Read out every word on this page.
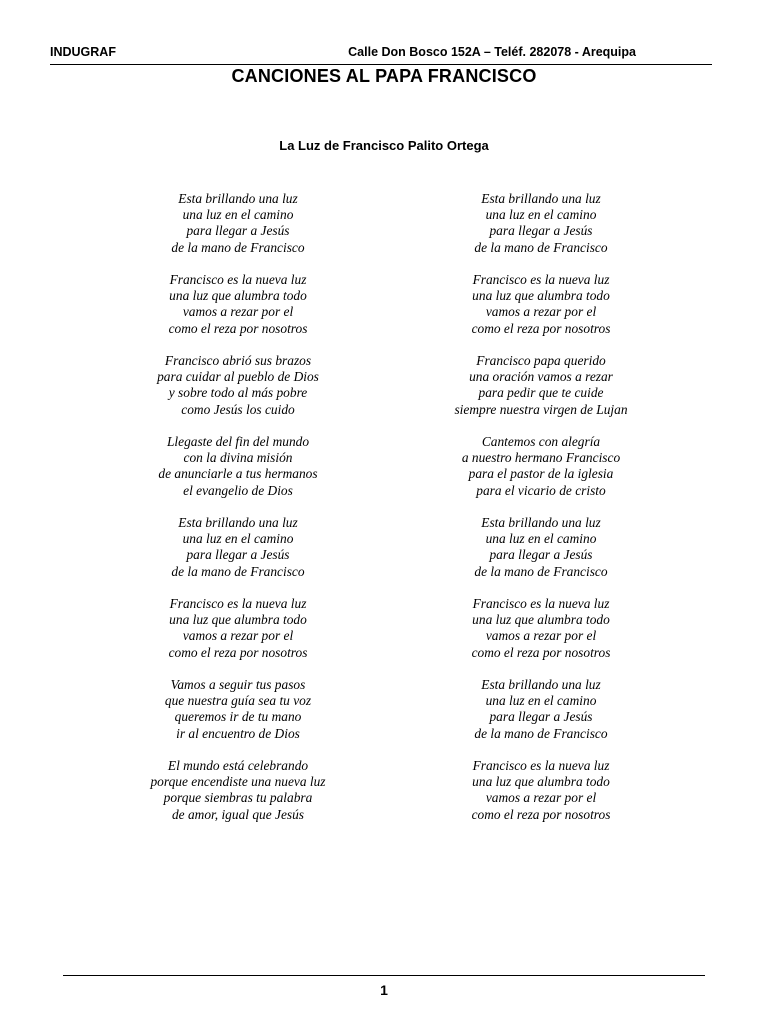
INDUGRAF	Calle Don Bosco 152A – Teléf. 282078 - Arequipa
CANCIONES AL PAPA FRANCISCO
La Luz de Francisco Palito Ortega
Esta brillando una luz
una luz en el camino
para llegar a Jesús
de la mano de Francisco
Francisco es la nueva luz
una luz que alumbra todo
vamos a rezar por el
como el reza por nosotros
Francisco abrió sus brazos
para cuidar al pueblo de Dios
y sobre todo al más pobre
como Jesús los cuido
Llegaste del fin del mundo
con la divina misión
de anunciarle a tus hermanos
el evangelio de Dios
Esta brillando una luz
una luz en el camino
para llegar a Jesús
de la mano de Francisco
Francisco es la nueva luz
una luz que alumbra todo
vamos a rezar por el
como el reza por nosotros
Vamos a seguir tus pasos
que nuestra guía sea tu voz
queremos ir de tu mano
ir al encuentro de Dios
El mundo está celebrando
porque encendiste una nueva luz
porque siembras tu palabra
de amor, igual que Jesús
Esta brillando una luz
una luz en el camino
para llegar a Jesús
de la mano de Francisco
Francisco es la nueva luz
una luz que alumbra todo
vamos a rezar por el
como el reza por nosotros
Francisco papa querido
una oración vamos a rezar
para pedir que te cuide
siempre nuestra virgen de Lujan
Cantemos con alegría
a nuestro hermano Francisco
para el pastor de la iglesia
para el vicario de cristo
Esta brillando una luz
una luz en el camino
para llegar a Jesús
de la mano de Francisco
Francisco es la nueva luz
una luz que alumbra todo
vamos a rezar por el
como el reza por nosotros
Esta brillando una luz
una luz en el camino
para llegar a Jesús
de la mano de Francisco
Francisco es la nueva luz
una luz que alumbra todo
vamos a rezar por el
como el reza por nosotros
1
